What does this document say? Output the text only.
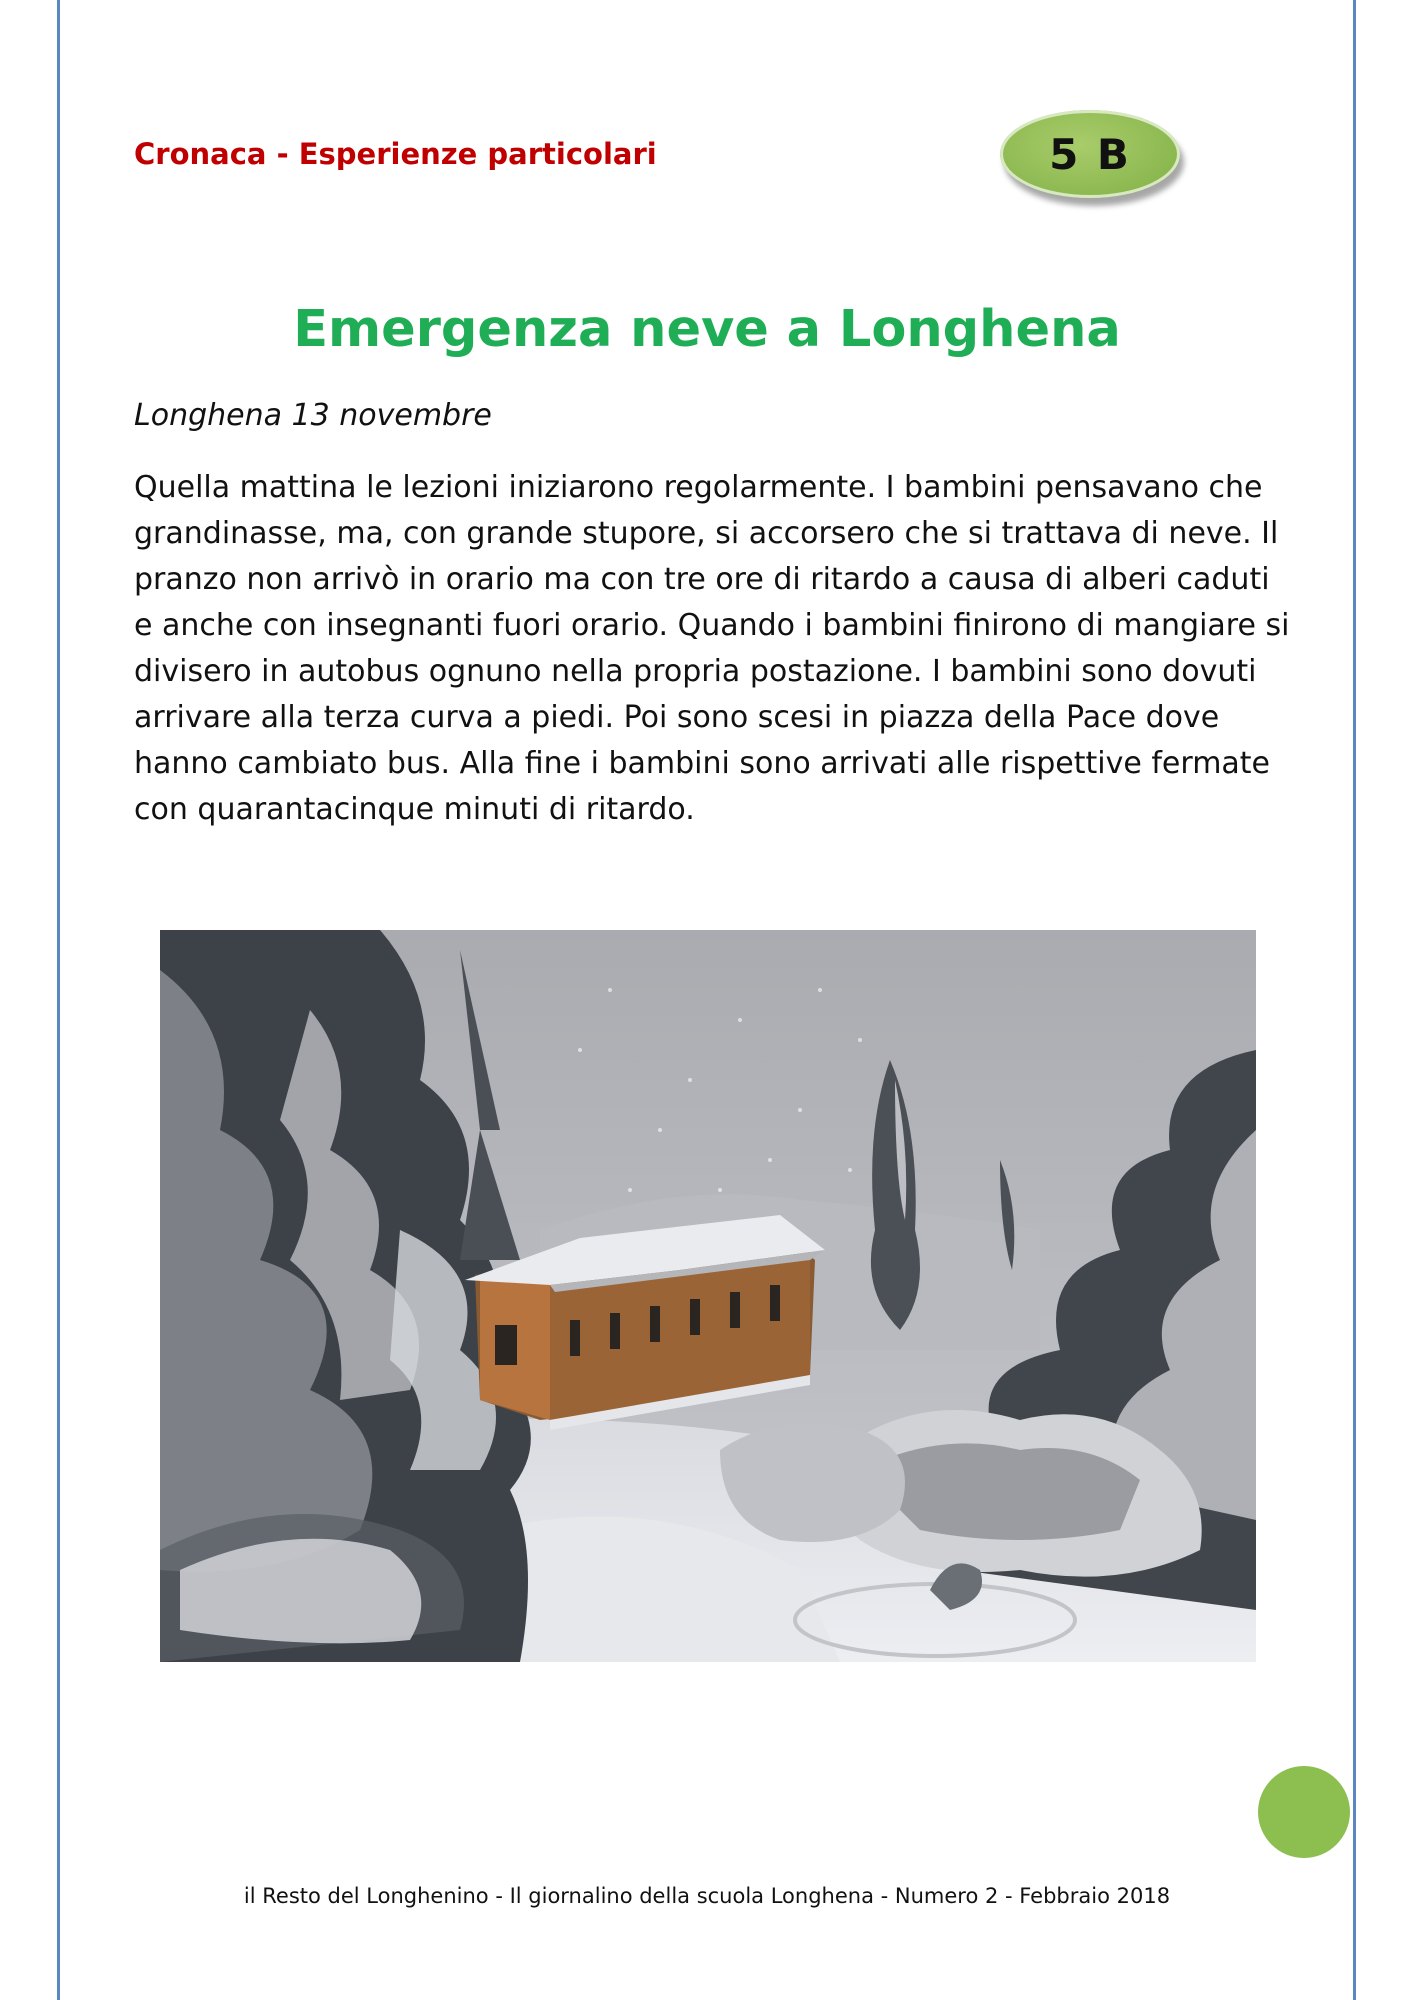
Cronaca - Esperienze particolari	5 B
Emergenza neve a Longhena
Longhena 13 novembre

Quella mattina le lezioni iniziarono regolarmente. I bambini pensavano che grandinasse, ma, con grande stupore, si accorsero che si trattava di neve. Il pranzo non arrivò in orario ma con tre ore di ritardo a causa di alberi caduti e anche con insegnanti fuori orario. Quando i bambini finirono di mangiare si divisero in autobus ognuno nella propria postazione. I bambini sono dovuti arrivare alla terza curva a piedi. Poi sono scesi in piazza della Pace dove hanno cambiato bus. Alla fine i bambini sono arrivati alle rispettive fermate con quarantacinque minuti di ritardo.

il Resto del Longhenino - Il giornalino della scuola Longhena - Numero 2 - Febbraio 2018
